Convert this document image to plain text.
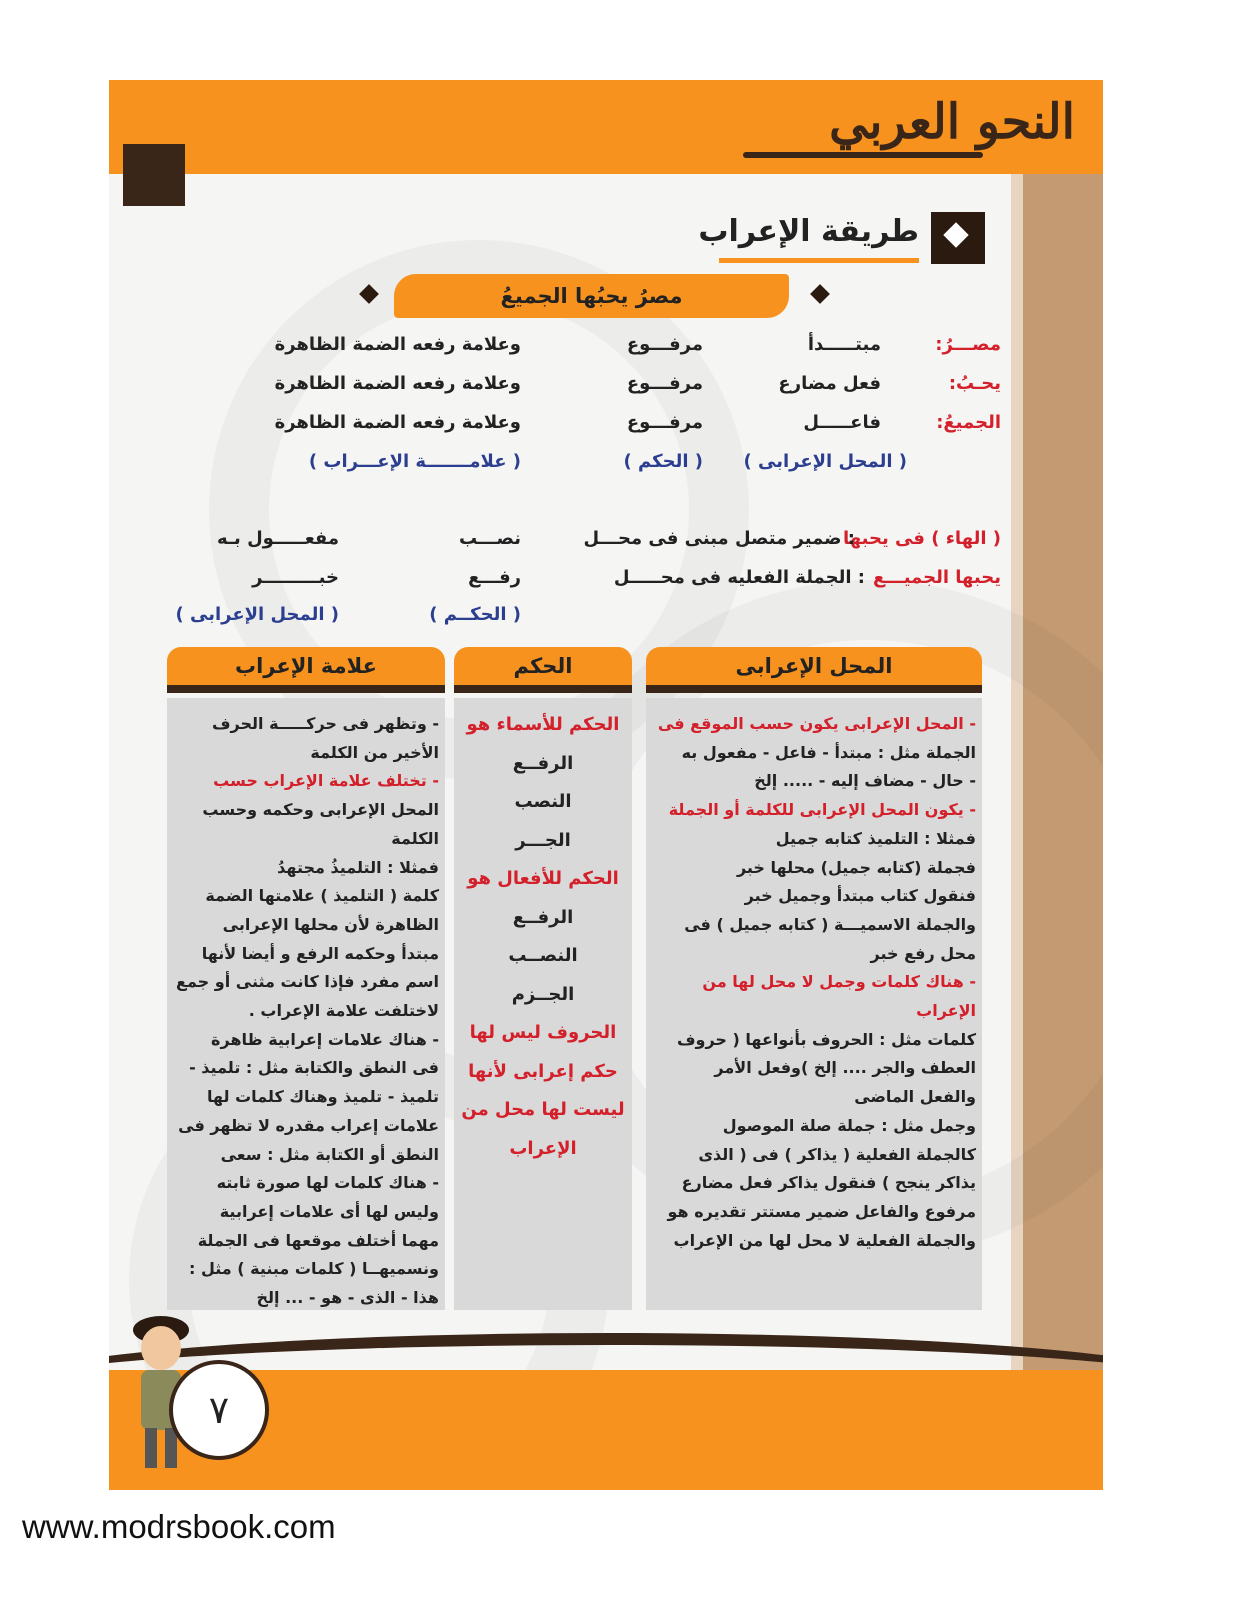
النحو العربي
طريقة الإعراب
مصرُ يحبُها الجميعُ
مصـــرُ:
مبتـــــدأ
مرفـــوع
وعلامة رفعه الضمة الظاهرة
يحـبُ:
فعل مضارع
مرفـــوع
وعلامة رفعه الضمة الظاهرة
الجميعُ:
فاعـــــل
مرفـــوع
وعلامة رفعه الضمة الظاهرة
( المحل الإعرابى )
( الحكم )
( علامـــــــة الإعـــراب )
( الهاء ) فى يحبها
: ضمير متصل مبنى فى محـــل
نصـــب
مفعـــــول بـه
يحبها الجميـــع
: الجملة الفعليه فى محـــــل
رفـــع
خبـــــــــر
( الحكــم )
( المحل الإعرابى )
المحل الإعرابى
الحكم
علامة الإعراب
- المحل الإعرابى يكون حسب الموقع فى
الجملة مثل : مبتدأ - فاعل - مفعول به
- حال - مضاف إليه - ..... إلخ
- يكون المحل الإعرابى للكلمة أو الجملة
فمثلا : التلميذ كتابه جميل
فجملة (كتابه جميل) محلها خبر
فنقول كتاب مبتدأ وجميل خبر
والجملة الاسميـــة ( كتابه جميل ) فى
محل رفع خبر
- هناك كلمات وجمل لا محل لها من
الإعراب
كلمات مثل : الحروف بأنواعها ( حروف
العطف والجر .... إلخ )وفعل الأمر
والفعل الماضى
وجمل مثل : جملة صلة الموصول
كالجملة الفعلية ( يذاكر ) فى ( الذى
يذاكر ينجح ) فنقول يذاكر فعل مضارع
مرفوع والفاعل ضمير مستتر تقديره هو
والجملة الفعلية لا محل لها من الإعراب
الحكم للأسماء هو
الرفــع
النصب
الجـــر
الحكم للأفعال هو
الرفــع
النصــب
الجــزم
الحروف ليس لها
حكم إعرابى لأنها
ليست لها محل من
الإعراب
- وتظهر فى حركـــــة الحرف
الأخير من الكلمة
- تختلف علامة الإعراب حسب
المحل الإعرابى وحكمه وحسب
الكلمة
فمثلا : التلميذُ مجتهدُ
كلمة ( التلميذ ) علامتها الضمة
الظاهرة لأن محلها الإعرابى
مبتدأ وحكمه الرفع و أيضا لأنها
اسم مفرد فإذا كانت مثنى أو جمع
لاختلفت علامة الإعراب .
- هناك علامات إعرابية ظاهرة
فى النطق والكتابة مثل : تلميذ -
تلميذ - تلميذ وهناك كلمات لها
علامات إعراب مقدره لا تظهر فى
النطق أو الكتابة مثل : سعى
- هناك كلمات لها صورة ثابته
وليس لها أى علامات إعرابية
مهما أختلف موقعها فى الجملة
ونسميهــا ( كلمات مبنية ) مثل :
هذا - الذى - هو - ... إلخ
٧
www.modrsbook.com
